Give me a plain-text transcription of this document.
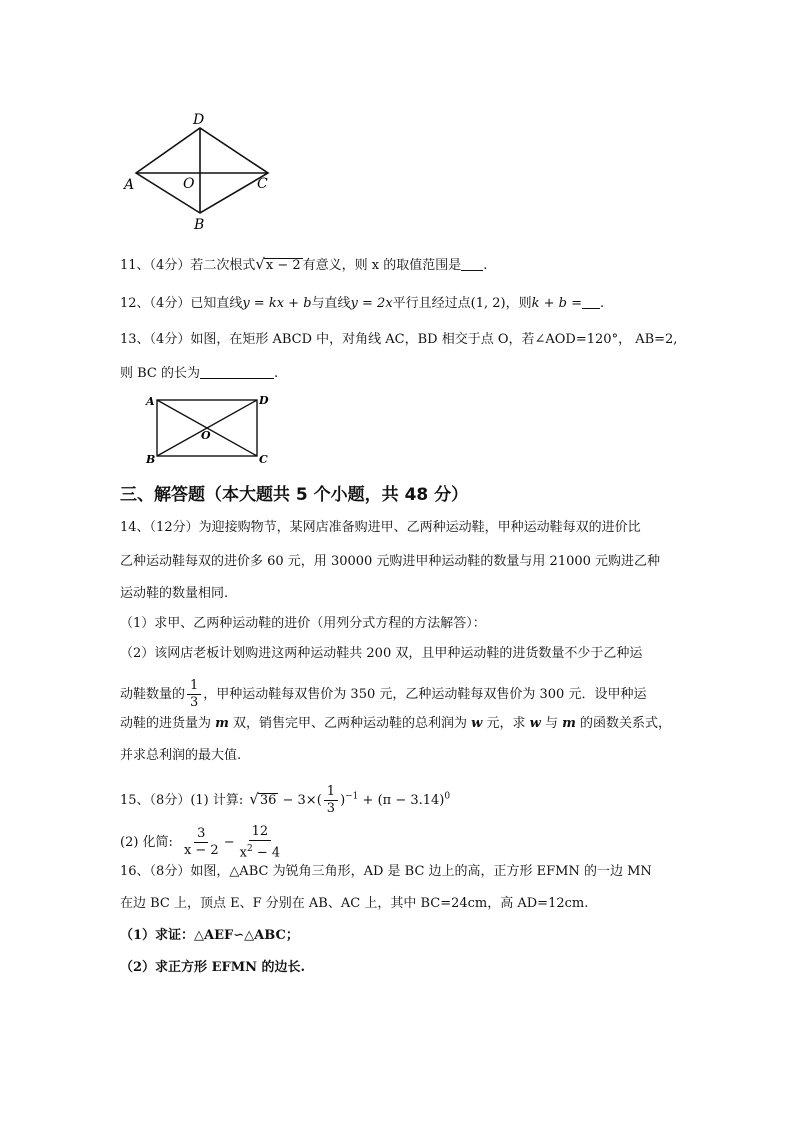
D
A	O	C
B
11、（4分）若二次根式√x − 2 有意义，则 x 的取值范围是 .
12、（4分）已知直线y = kx + b与直线y = 2x平行且经过点(1, 2)，则k + b = .
13、（4分）如图，在矩形 ABCD 中，对角线 AC，BD 相交于点 O，若∠AOD=120°， AB=2,
则 BC 的长为	.
A	D
O
B	C
三、解答题（本大题共 5 个小题，共 48 分）
14、（12分）为迎接购物节，某网店准备购进甲、乙两种运动鞋，甲种运动鞋每双的进价比
乙种运动鞋每双的进价多 60 元，用 30000 元购进甲种运动鞋的数量与用 21000 元购进乙种
运动鞋的数量相同.
（1）求甲、乙两种运动鞋的进价（用列分式方程的方法解答）：
（2）该网店老板计划购进这两种运动鞋共 200 双，且甲种运动鞋的进货数量不少于乙种运
动鞋数量的 $\frac{1}{3}$ ，甲种运动鞋每双售价为 350 元，乙种运动鞋每双售价为 300 元．设甲种运
动鞋的进货量为 m 双，销售完甲、乙两种运动鞋的总利润为 w 元，求 w 与 m 的函数关系式，
并求总利润的最大值.
15、（8分）(1) 计算: $√36 - 3\times( \frac{1}{3} )^{-1} + (\pi - 3.14)^0$
(2) 化简: $\frac{3}{x - 2} - \frac{12}{x^2 - 4}$
16、（8分）如图，△ABC 为锐角三角形，AD 是 BC 边上的高，正方形 EFMN 的一边 MN
在边 BC 上，顶点 E、F 分别在 AB、AC 上，其中 BC=24cm，高 AD=12cm.
（1）求证：△AEF∽△ABC；
（2）求正方形 EFMN 的边长.
